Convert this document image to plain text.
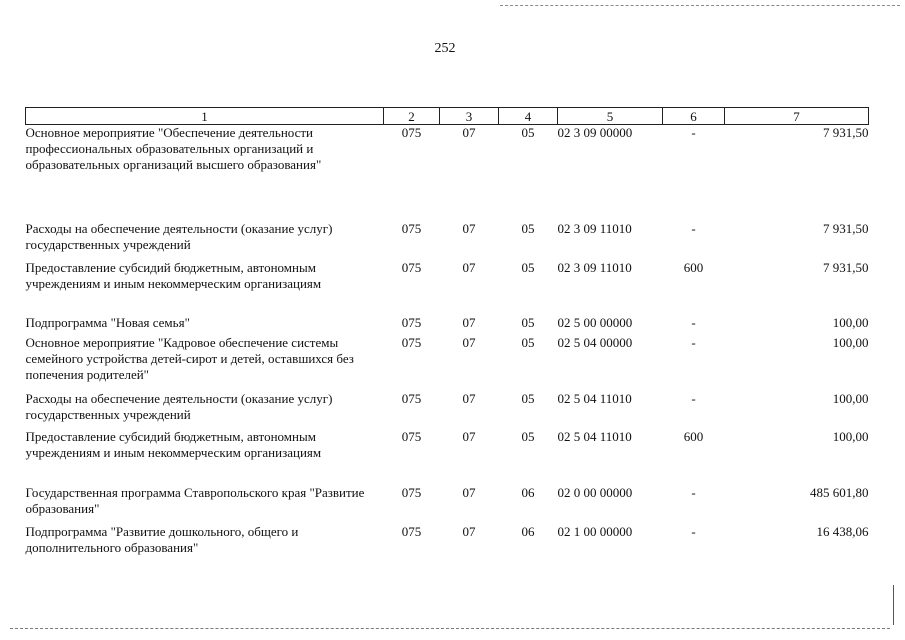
252
1	2	3	4	5	6	7
Основное мероприятие "Обеспечение деятельности профессиональных образовательных организаций и образовательных организаций высшего образования"	075	07	05	02 3 09 00000	-	7 931,50
Расходы на обеспечение деятельности (оказание услуг) государственных учреждений	075	07	05	02 3 09 11010	-	7 931,50
Предоставление субсидий бюджетным, автономным учреждениям и иным некоммерческим организациям	075	07	05	02 3 09 11010	600	7 931,50
Подпрограмма "Новая семья"	075	07	05	02 5 00 00000	-	100,00
Основное мероприятие "Кадровое обеспечение системы семейного устройства детей-сирот и детей, оставшихся без попечения родителей"	075	07	05	02 5 04 00000	-	100,00
Расходы на обеспечение деятельности (оказание услуг) государственных учреждений	075	07	05	02 5 04 11010	-	100,00
Предоставление субсидий бюджетным, автономным учреждениям и иным некоммерческим организациям	075	07	05	02 5 04 11010	600	100,00
Государственная программа Ставропольского края "Развитие образования"	075	07	06	02 0 00 00000	-	485 601,80
Подпрограмма "Развитие дошкольного, общего и дополнительного образования"	075	07	06	02 1 00 00000	-	16 438,06
